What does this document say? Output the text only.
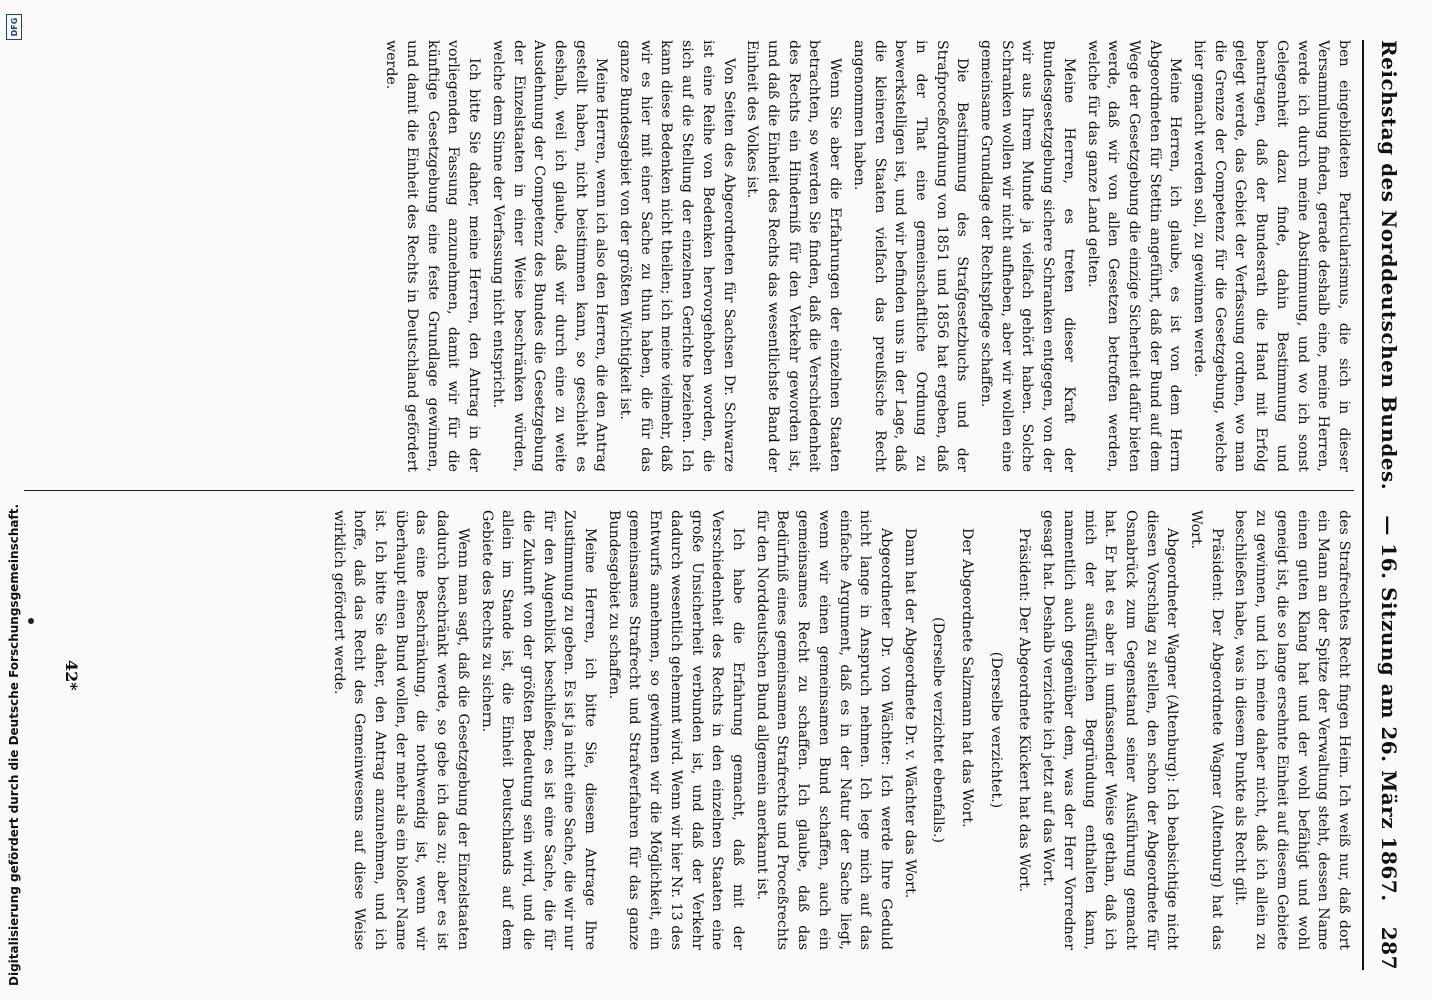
Reichstag des Norddeutschen Bundes.
— 16. Sitzung am 26. März 1867.
287

ben eingebildeten Particularismus, die sich in dieser Versammlung finden, gerade deshalb eine, meine Herren, werde ich durch meine Abstimmung, und wo ich sonst Gelegenheit dazu finde, dahin Bestimmung und beantragen, daß der Bundesrath die Hand mit Erfolg gelegt werde, das Gebiet der Verfassung ordnen, wo man die Grenze der Competenz für die Gesetzgebung, welche hier gemacht werden soll, zu gewinnen werde.

Meine Herren, ich glaube, es ist von dem Herrn Abgeordneten für Stettin angeführt, daß der Bund auf dem Wege der Gesetzgebung die einzige Sicherheit dafür bieten werde, daß wir von allen Gesetzen betroffen werden, welche für das ganze Land gelten.

Meine Herren, es treten dieser Kraft der Bundesgesetzgebung sichere Schranken entgegen, von der wir aus Ihrem Munde ja vielfach gehört haben. Solche Schranken wollen wir nicht aufheben, aber wir wollen eine gemeinsame Grundlage der Rechtspflege schaffen.

Die Bestimmung des Strafgesetzbuchs und der Strafproceßordnung von 1851 und 1856 hat ergeben, daß in der That eine gemeinschaftliche Ordnung zu bewerkstelligen ist, und wir befinden uns in der Lage, daß die kleineren Staaten vielfach das preußische Recht angenommen haben.

Wenn Sie aber die Erfahrungen der einzelnen Staaten betrachten, so werden Sie finden, daß die Verschiedenheit des Rechts ein Hinderniß für den Verkehr geworden ist, und daß die Einheit des Rechts das wesentlichste Band der Einheit des Volkes ist.

Von Seiten des Abgeordneten für Sachsen Dr. Schwarze ist eine Reihe von Bedenken hervorgehoben worden, die sich auf die Stellung der einzelnen Gerichte beziehen. Ich kann diese Bedenken nicht theilen; ich meine vielmehr, daß wir es hier mit einer Sache zu thun haben, die für das ganze Bundesgebiet von der größten Wichtigkeit ist.

Meine Herren, wenn ich also den Herren, die den Antrag gestellt haben, nicht beistimmen kann, so geschieht es deshalb, weil ich glaube, daß wir durch eine zu weite Ausdehnung der Competenz des Bundes die Gesetzgebung der Einzelstaaten in einer Weise beschränken würden, welche dem Sinne der Verfassung nicht entspricht.

Ich bitte Sie daher, meine Herren, den Antrag in der vorliegenden Fassung anzunehmen, damit wir für die künftige Gesetzgebung eine feste Grundlage gewinnen, und damit die Einheit des Rechts in Deutschland gefördert werde.

des Strafrechtes Recht fingen Heim. Ich weiß nur, daß dort ein Mann an der Spitze der Verwaltung steht, dessen Name einen guten Klang hat und der wohl befähigt und wohl geneigt ist, die so lange ersehnte Einheit auf diesem Gebiete zu gewinnen, und ich meine daher nicht, daß ich allein zu beschließen habe, was in diesem Punkte als Recht gilt.

Präsident: Der Abgeordnete Wagner (Altenburg) hat das Wort.

Abgeordneter Wagner (Altenburg): Ich beabsichtige nicht diesen Vorschlag zu stellen, den schon der Abgeordnete für Osnabrück zum Gegenstand seiner Ausführung gemacht hat. Er hat es aber in umfassender Weise gethan, daß ich mich der ausführlichen Begründung enthalten kann, namentlich auch gegenüber dem, was der Herr Vorredner gesagt hat. Deshalb verzichte ich jetzt auf das Wort.

Präsident: Der Abgeordnete Kückert hat das Wort.

(Derselbe verzichtet.)

Der Abgeordnete Salzmann hat das Wort.

(Derselbe verzichtet ebenfalls.)

Dann hat der Abgeordnete Dr. v. Wächter das Wort.

Abgeordneter Dr. von Wächter: Ich werde Ihre Geduld nicht lange in Anspruch nehmen. Ich lege mich auf das einfache Argument, daß es in der Natur der Sache liegt, wenn wir einen gemeinsamen Bund schaffen, auch ein gemeinsames Recht zu schaffen. Ich glaube, daß das Bedürfniß eines gemeinsamen Strafrechts und Proceßrechts für den Norddeutschen Bund allgemein anerkannt ist.

Ich habe die Erfahrung gemacht, daß mit der Verschiedenheit des Rechts in den einzelnen Staaten eine große Unsicherheit verbunden ist, und daß der Verkehr dadurch wesentlich gehemmt wird. Wenn wir hier Nr. 13 des Entwurfs annehmen, so gewinnen wir die Möglichkeit, ein gemeinsames Strafrecht und Strafverfahren für das ganze Bundesgebiet zu schaffen.

Meine Herren, ich bitte Sie, diesem Antrage Ihre Zustimmung zu geben. Es ist ja nicht eine Sache, die wir nur für den Augenblick beschließen; es ist eine Sache, die für die Zukunft von der größten Bedeutung sein wird, und die allein im Stande ist, die Einheit Deutschlands auf dem Gebiete des Rechts zu sichern.

Wenn man sagt, daß die Gesetzgebung der Einzelstaaten dadurch beschränkt werde, so gebe ich das zu; aber es ist das eine Beschränkung, die nothwendig ist, wenn wir überhaupt einen Bund wollen, der mehr als ein bloßer Name ist. Ich bitte Sie daher, den Antrag anzunehmen, und ich hoffe, daß das Recht des Gemeinwesens auf diese Weise wirklich gefördert werde.

42*
Digitalisierung gefördert durch die Deutsche Forschungsgemeinschaft.
DFG
